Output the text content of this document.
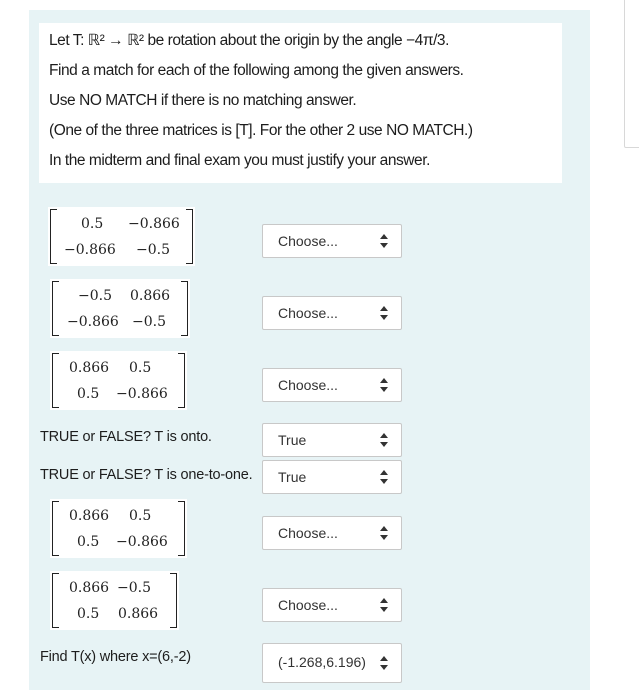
Let T: ℝ² → ℝ² be rotation about the origin by the angle −4π/3.

Find a match for each of the following among the given answers.

Use NO MATCH if there is no matching answer.

(One of the three matrices is [T]. For the other 2 use NO MATCH.)

In the midterm and final exam you must justify your answer.

0.5 −0.866
−0.866 −0.5
Choose...
−0.5 0.866
−0.866 −0.5
Choose...
0.866 0.5
0.5 −0.866
Choose...
TRUE or FALSE? T is onto.	True
TRUE or FALSE? T is one-to-one. True
0.866 0.5
0.5 −0.866
Choose...
0.866 −0.5
0.5 0.866
Choose...
Find T(x) where x=(6,-2)	(-1.268,6.196)
